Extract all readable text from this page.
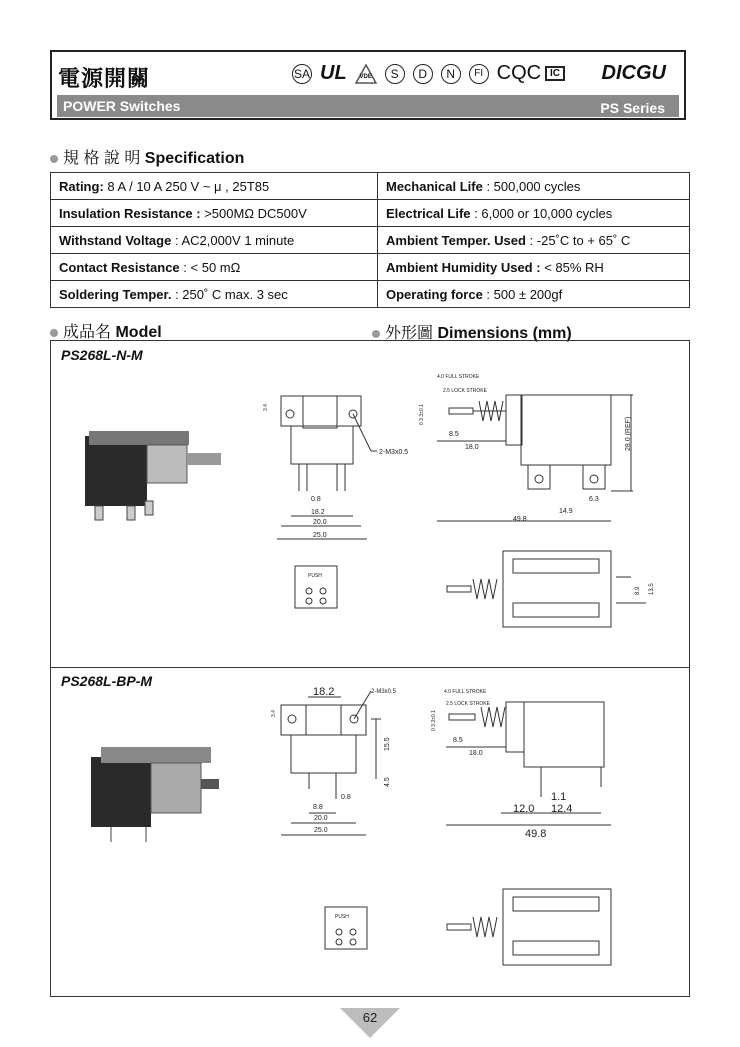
電源開關	SA UL	VDE	S	D	N	FI CQC IC DICGU
POWER Switches	PS Series
規 格 說 明 Specification
Rating: 8 A / 10 A 250 V ~ μ , 25T85	Mechanical Life : 500,000 cycles
Insulation Resistance : >500MΩ DC500V	Electrical Life : 6,000 or 10,000 cycles
Withstand Voltage : AC2,000V 1 minute	Ambient Temper. Used : -25˚C to + 65˚ C
Contact Resistance : < 50 mΩ	Ambient Humidity Used : < 85% RH
Soldering Temper. : 250˚ C max. 3 sec	Operating force : 500 ± 200gf
成品名 Model	外形圖 Dimensions (mm)
PS268L-N-M
PS268L-BP-M
2-M3x0.5
0.8
18.2
20.0
25.0
3.4	0 3.3±0.1
4.0 FULL STROKE
2.5 LOCK STROKE
8.5
18.0	28.0 (REF)
6.3
14.9
49.8
PUSH
8.9 13.5
18.2	2-M3x0.5
15.5
4.5
0.8
8.8
20.0
25.0
3.4	0 3.3±0.1
4.0 FULL STROKE
2.5 LOCK STROKE
8.5
18.0
1.1
12.0 12.4
49.8
PUSH
62
